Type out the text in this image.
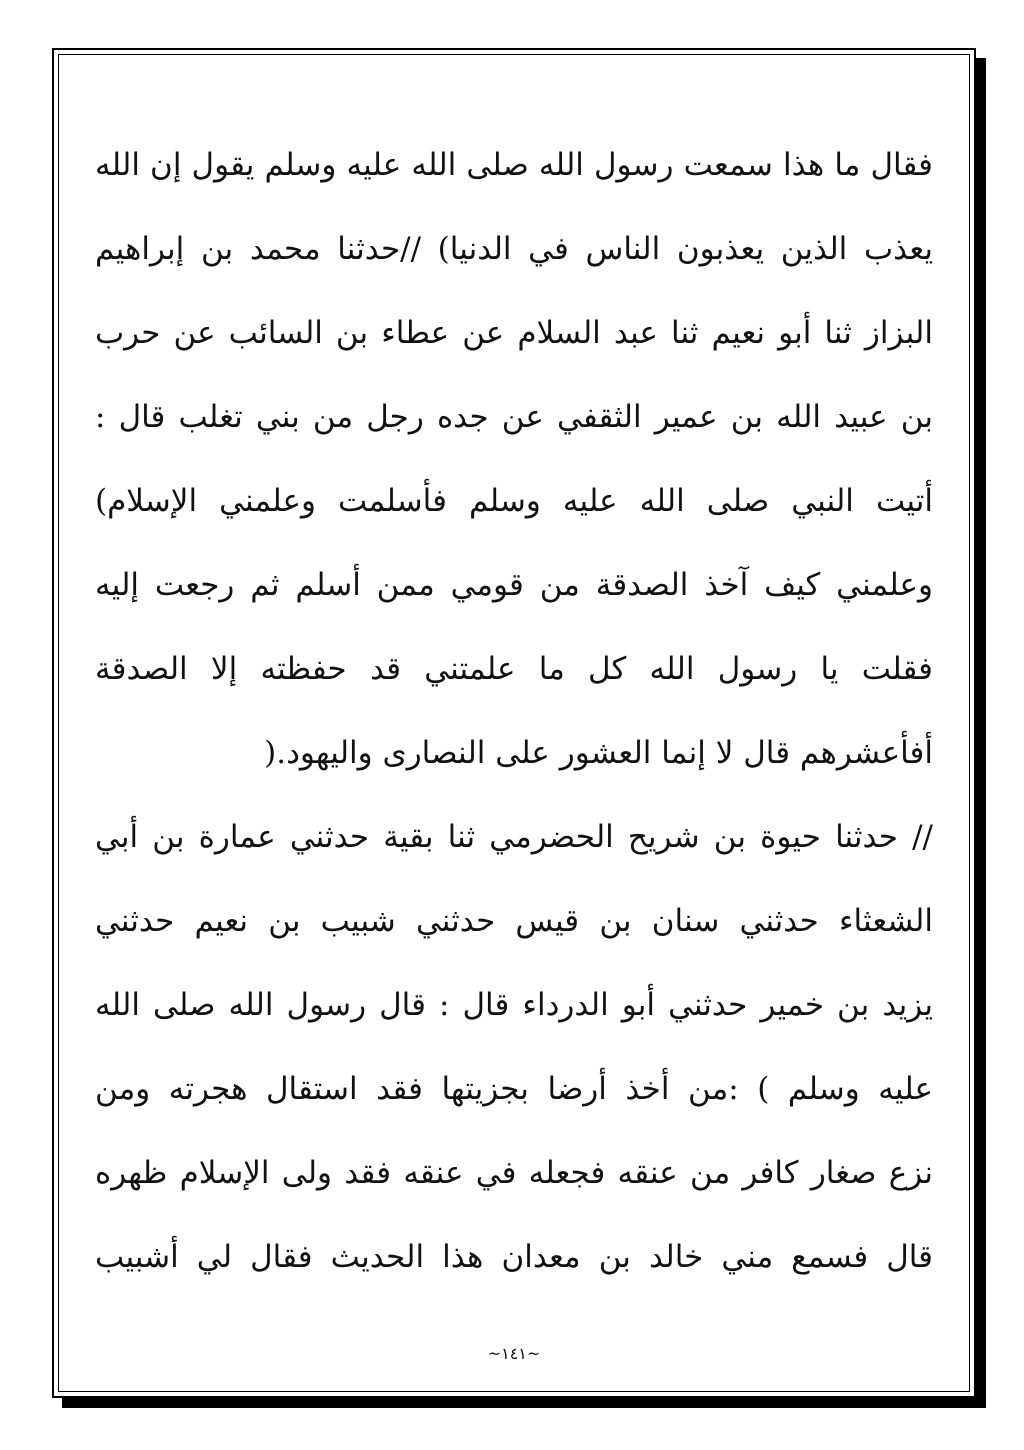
فقال ما هذا سمعت رسول الله صلى الله عليه وسلم يقول إن الله
يعذب الذين يعذبون الناس في الدنيا) //حدثنا محمد بن إبراهيم
البزاز ثنا أبو نعيم ثنا عبد السلام عن عطاء بن السائب عن حرب
بن عبيد الله بن عمير الثقفي عن جده رجل من بني تغلب قال :
أتيت النبي صلى الله عليه وسلم فأسلمت وعلمني الإسلام)
وعلمني كيف آخذ الصدقة من قومي ممن أسلم ثم رجعت إليه
فقلت يا رسول الله كل ما علمتني قد حفظته إلا الصدقة
أفأعشرهم قال لا إنما العشور على النصارى واليهود.(
// حدثنا حيوة بن شريح الحضرمي ثنا بقية حدثني عمارة بن أبي
الشعثاء حدثني سنان بن قيس حدثني شبيب بن نعيم حدثني
يزيد بن خمير حدثني أبو الدرداء قال : قال رسول الله صلى الله
عليه وسلم ) :من أخذ أرضا بجزيتها فقد استقال هجرته ومن
نزع صغار كافر من عنقه فجعله في عنقه فقد ولى الإسلام ظهره
قال فسمع مني خالد بن معدان هذا الحديث فقال لي أشبيب
~١٤١~
